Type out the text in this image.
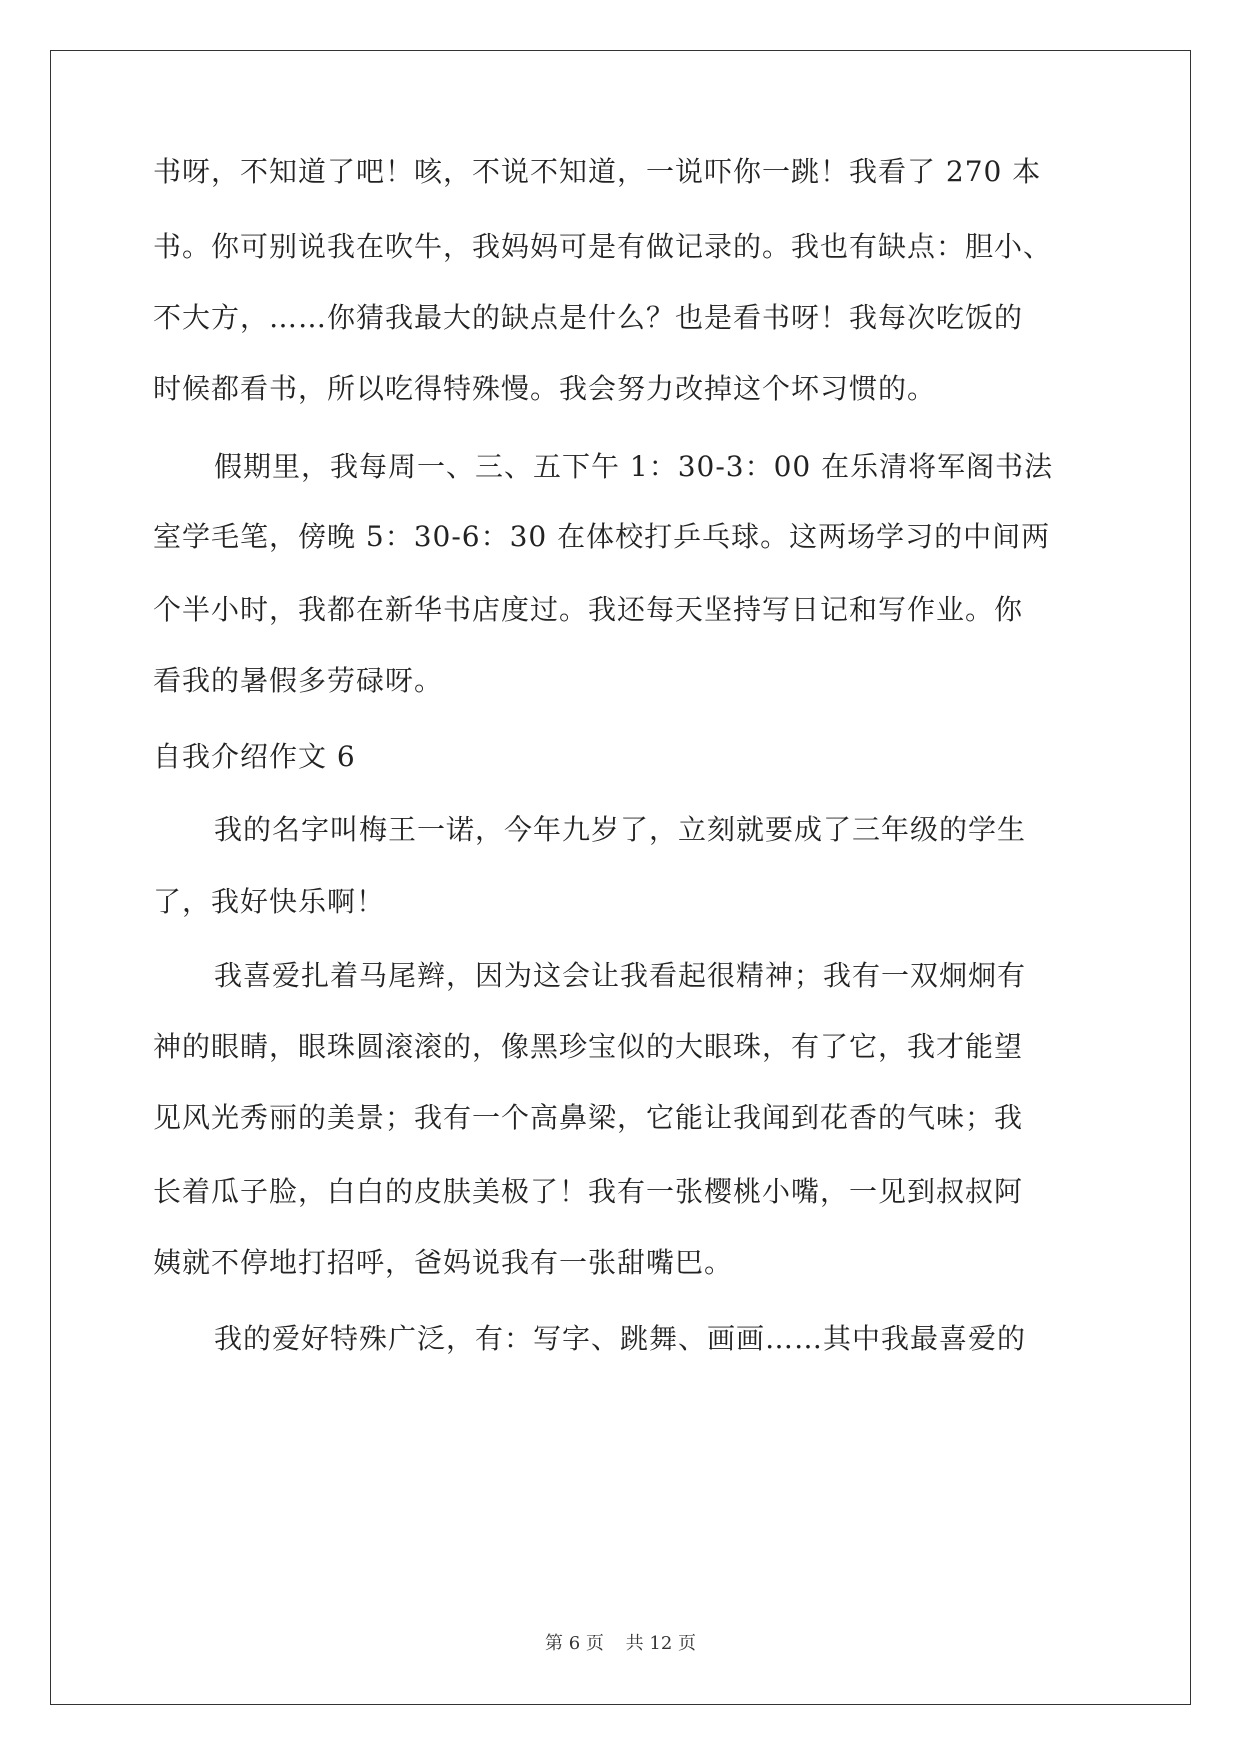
书呀，不知道了吧！咳，不说不知道，一说吓你一跳！我看了 270 本
书。你可别说我在吹牛，我妈妈可是有做记录的。我也有缺点：胆小、
不大方，……你猜我最大的缺点是什么？也是看书呀！我每次吃饭的
时候都看书，所以吃得特殊慢。我会努力改掉这个坏习惯的。
假期里，我每周一、三、五下午 1：30-3：00 在乐清将军阁书法
室学毛笔，傍晚 5：30-6：30 在体校打乒乓球。这两场学习的中间两
个半小时，我都在新华书店度过。我还每天坚持写日记和写作业。你
看我的暑假多劳碌呀。
自我介绍作文 6
我的名字叫梅王一诺，今年九岁了，立刻就要成了三年级的学生
了，我好快乐啊！
我喜爱扎着马尾辫，因为这会让我看起很精神；我有一双炯炯有
神的眼睛，眼珠圆滚滚的，像黑珍宝似的大眼珠，有了它，我才能望
见风光秀丽的美景；我有一个高鼻梁，它能让我闻到花香的气味；我
长着瓜子脸，白白的皮肤美极了！我有一张樱桃小嘴，一见到叔叔阿
姨就不停地打招呼，爸妈说我有一张甜嘴巴。
我的爱好特殊广泛，有：写字、跳舞、画画……其中我最喜爱的
第 6 页 共 12 页
